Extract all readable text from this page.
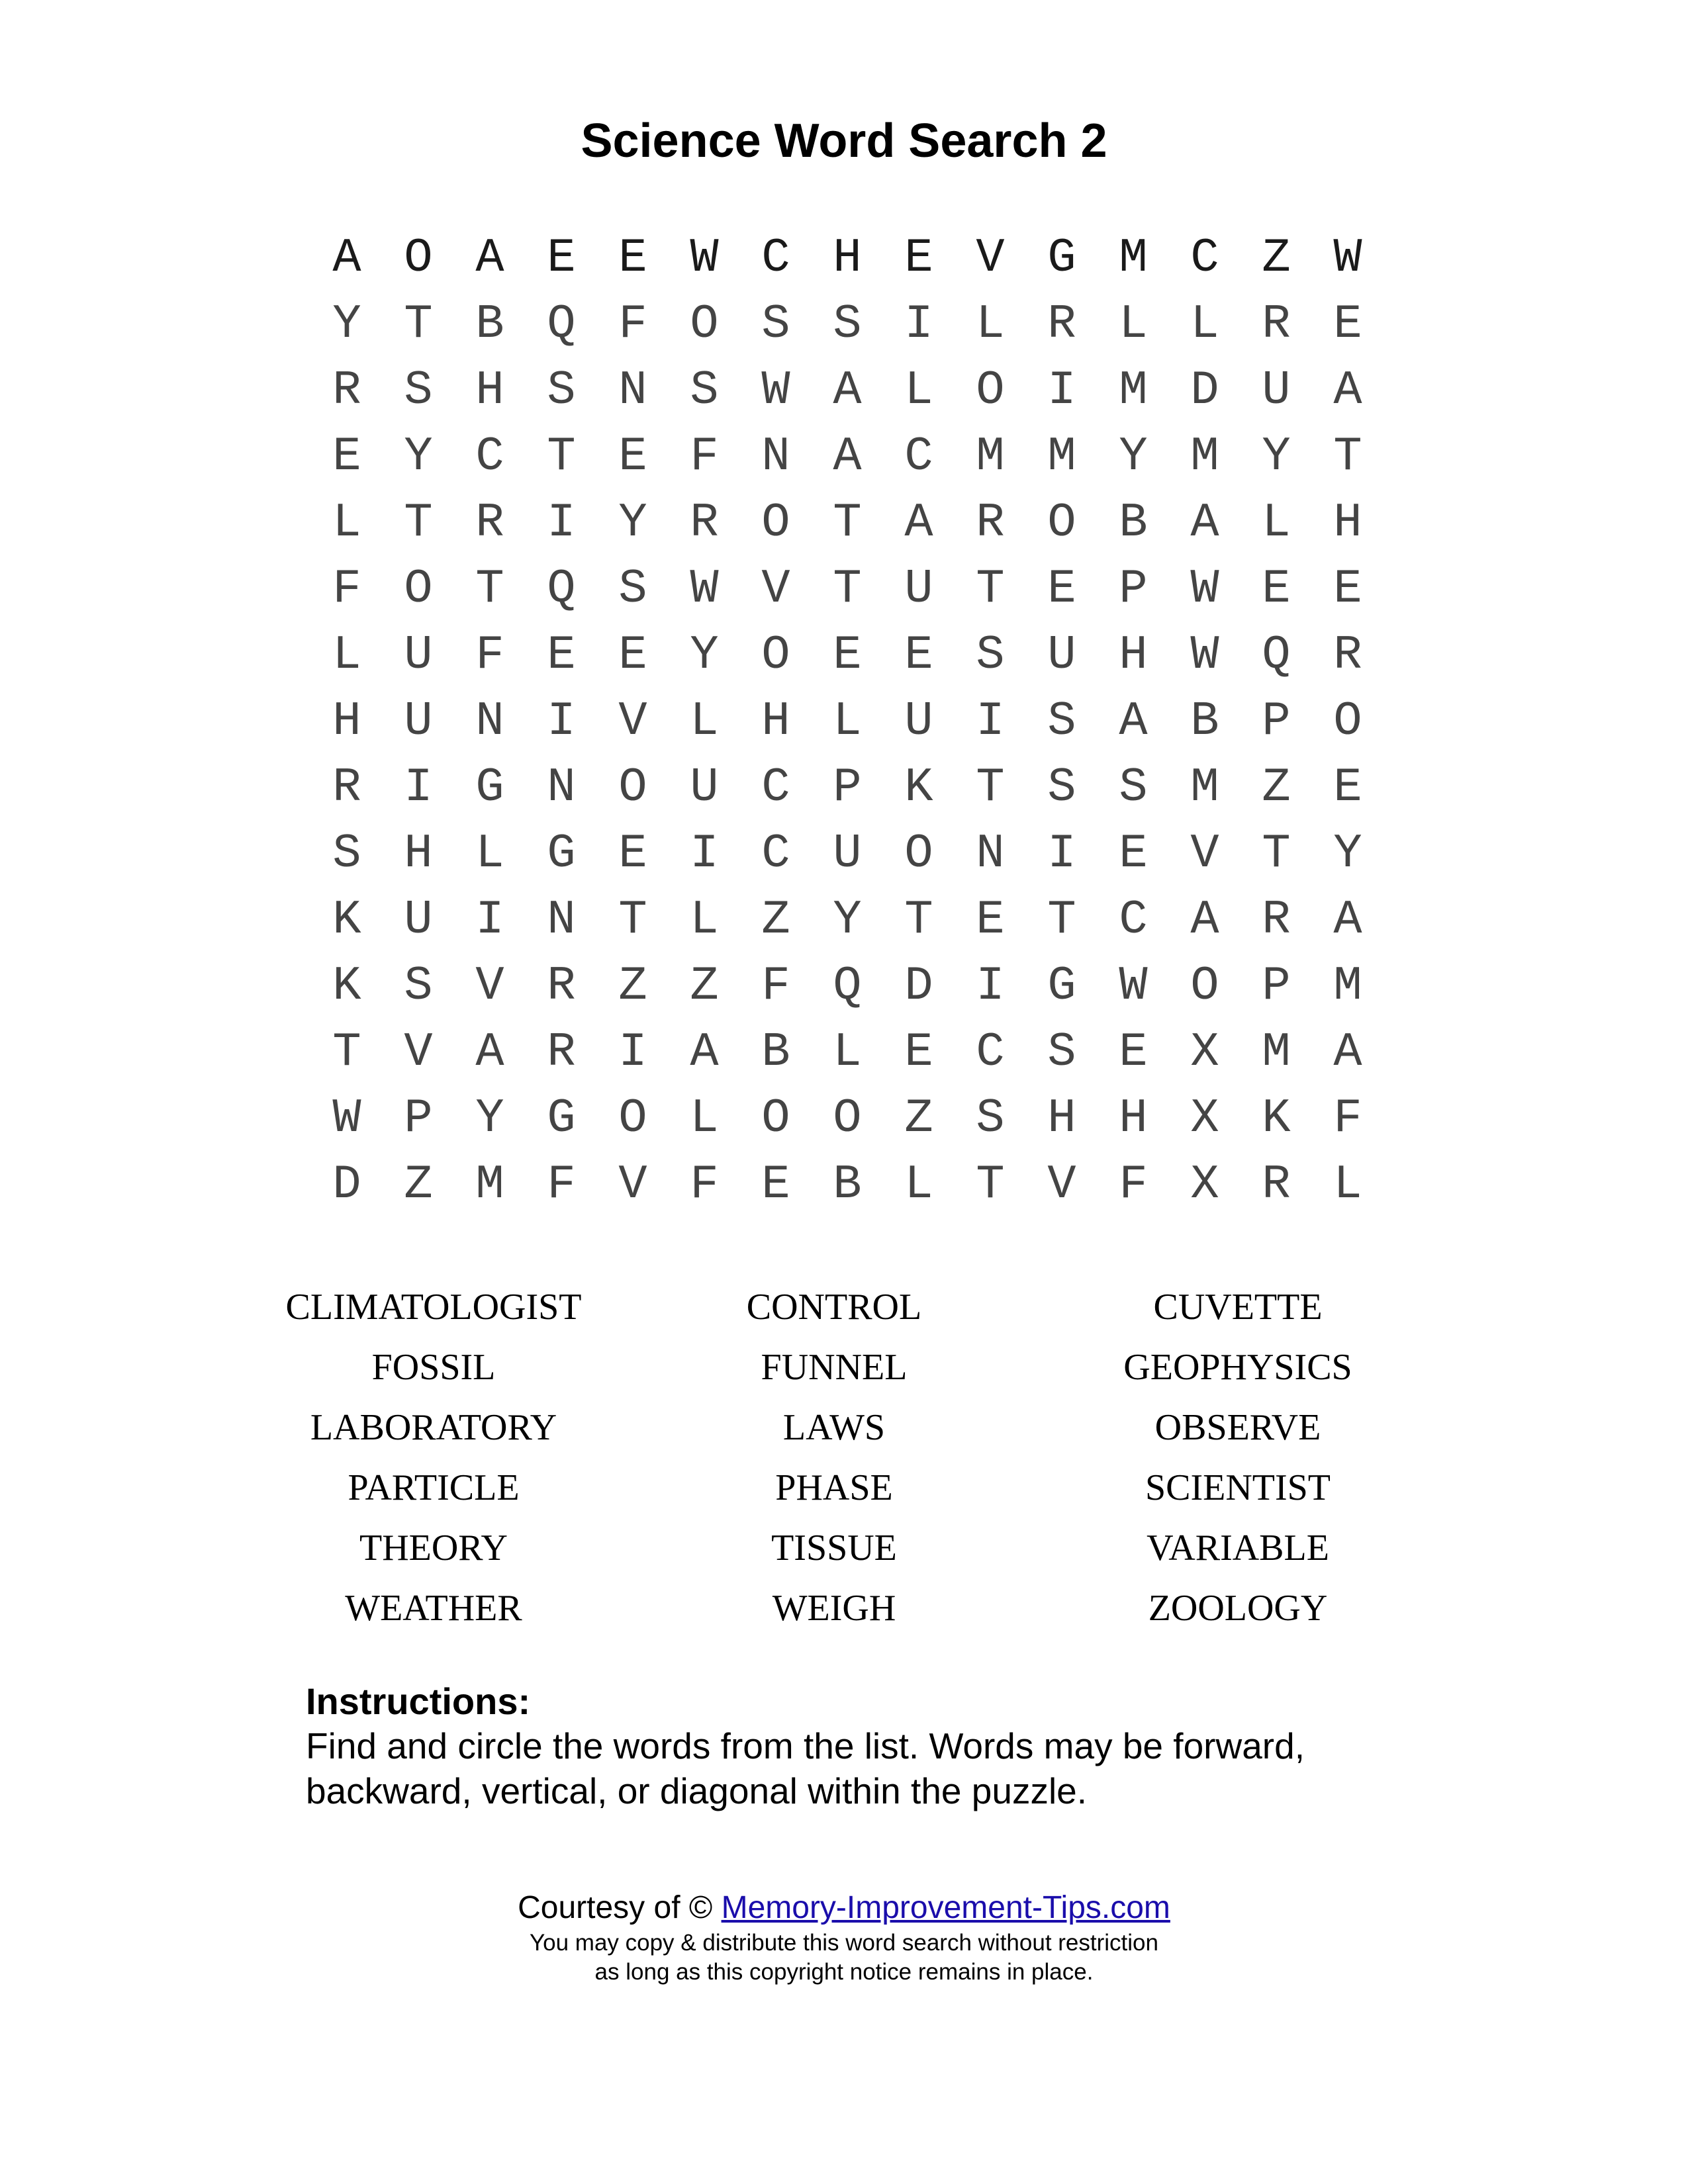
Science Word Search 2
A O A E E W C H E V G M C Z W
Y T B Q F O S S I L R L L R E
R S H S N S W A L O I M D U A
E Y C T E F N A C M M Y M Y T
L T R I Y R O T A R O B A L H
F O T Q S W V T U T E P W E E
L U F E E Y O E E S U H W Q R
H U N I V L H L U I S A B P O
R I G N O U C P K T S S M Z E
S H L G E I C U O N I E V T Y
K U I N T L Z Y T E T C A R A
K S V R Z Z F Q D I G W O P M
T V A R I A B L E C S E X M A
W P Y G O L O O Z S H H X K F
D Z M F V F E B L T V F X R L
CLIMATOLOGIST	CONTROL	CUVETTE
FOSSIL	FUNNEL	GEOPHYSICS
LABORATORY	LAWS	OBSERVE
PARTICLE	PHASE	SCIENTIST
THEORY	TISSUE	VARIABLE
WEATHER	WEIGH	ZOOLOGY

Instructions:

Find and circle the words from the list. Words may be forward, backward, vertical, or diagonal within the puzzle.

Courtesy of © Memory-Improvement-Tips.com
You may copy & distribute this word search without restriction
as long as this copyright notice remains in place.
